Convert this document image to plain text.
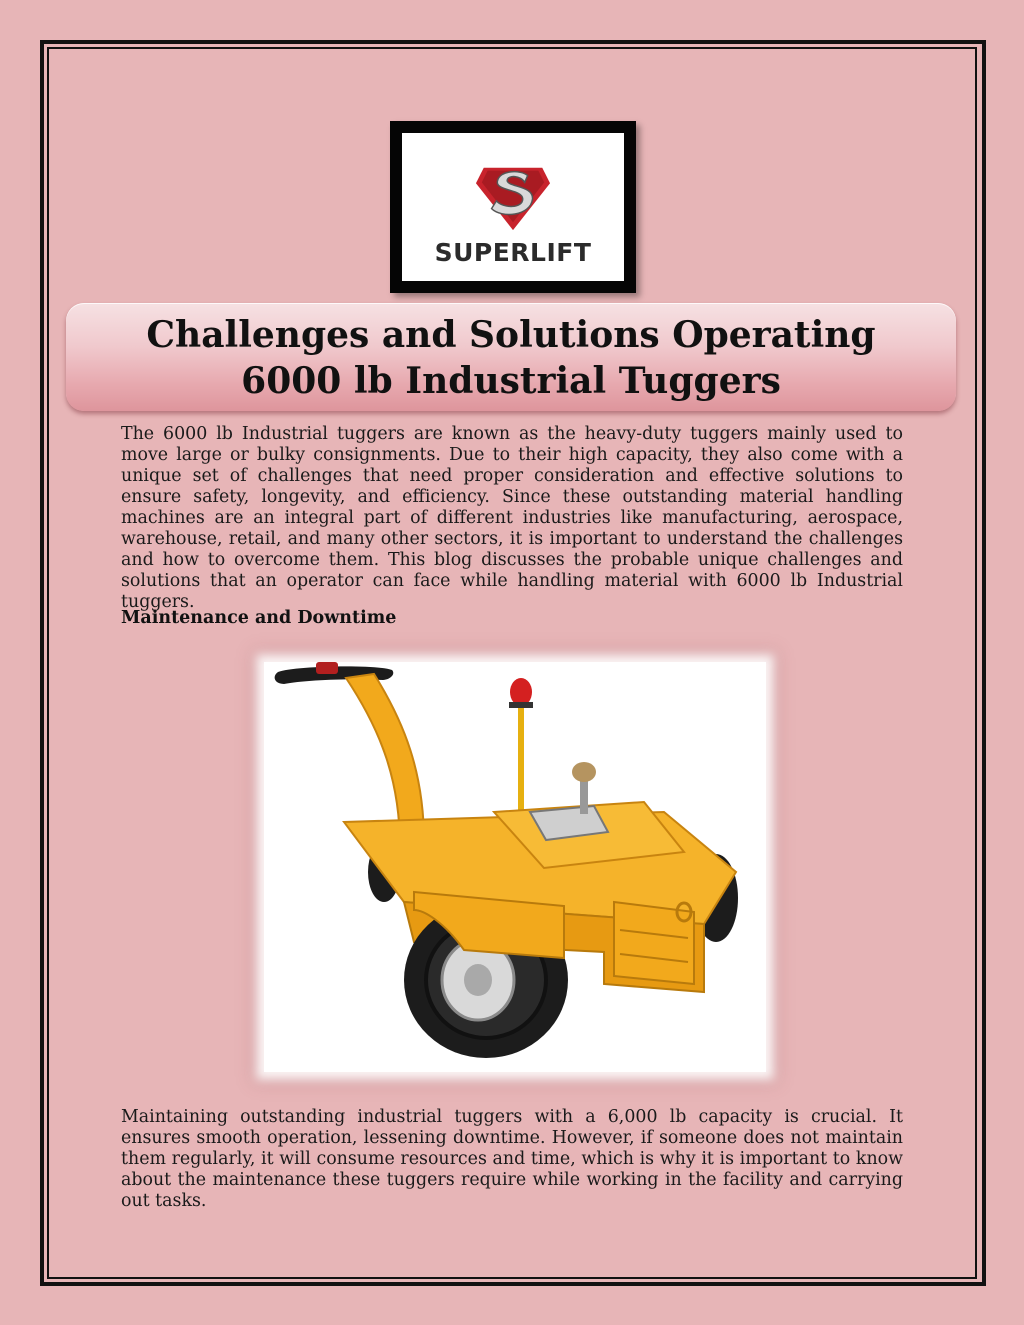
SUPERLIFT
Challenges and Solutions Operating
6000 lb Industrial Tuggers

The 6000 lb Industrial tuggers are known as the heavy-duty tuggers mainly used to move large or bulky consignments. Due to their high capacity, they also come with a unique set of challenges that need proper consideration and effective solutions to ensure safety, longevity, and efficiency. Since these outstanding material handling machines are an integral part of different industries like manufacturing, aerospace, warehouse, retail, and many other sectors, it is important to understand the challenges and how to overcome them. This blog discusses the probable unique challenges and solutions that an operator can face while handling material with 6000 lb Industrial tuggers.

Maintenance and Downtime

Maintaining outstanding industrial tuggers with a 6,000 lb capacity is crucial. It ensures smooth operation, lessening downtime. However, if someone does not maintain them regularly, it will consume resources and time, which is why it is important to know about the maintenance these tuggers require while working in the facility and carrying out tasks.
